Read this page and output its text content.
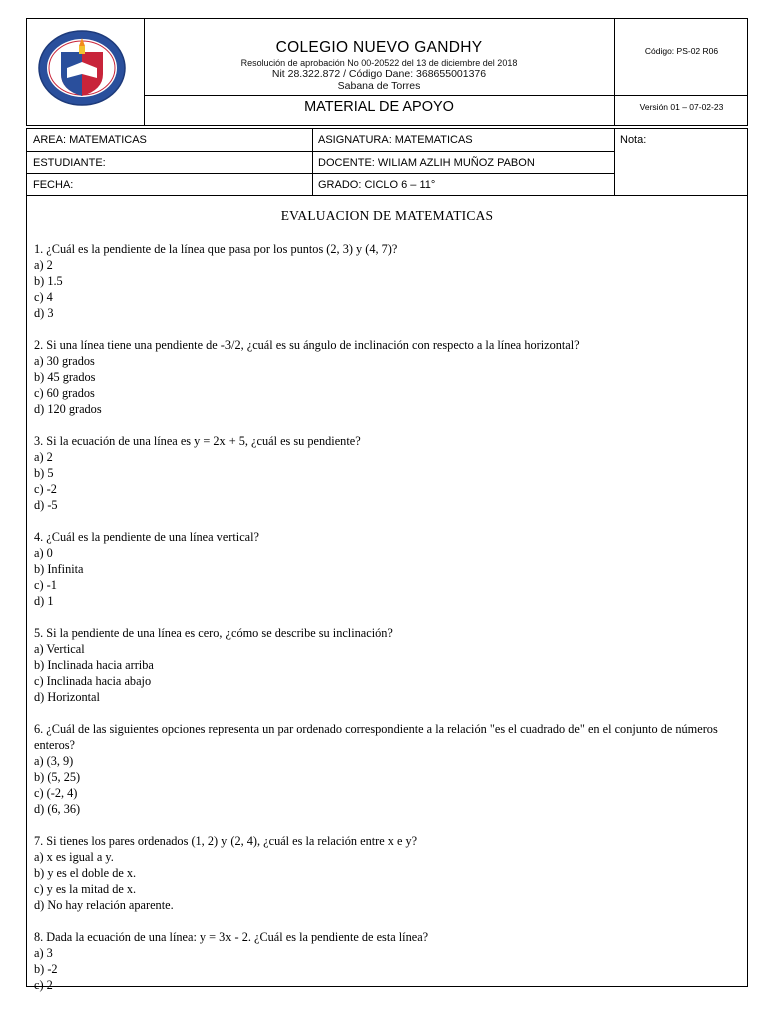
COLEGIO NUEVO GANDHY
Resolución de aprobación No 00-20522 del 13 de diciembre del 2018
Nit 28.322.872 / Código Dane: 368655001376
Sabana de Torres
MATERIAL DE APOYO
Código: PS-02 R06
Versión 01 – 07-02-23
AREA: MATEMATICAS
ESTUDIANTE:
FECHA:
ASIGNATURA: MATEMATICAS
DOCENTE: WILIAM AZLIH MUÑOZ PABON
GRADO: CICLO 6 – 11°
Nota:
EVALUACION DE MATEMATICAS
1. ¿Cuál es la pendiente de la línea que pasa por los puntos (2, 3) y (4, 7)?
a) 2
b) 1.5
c) 4
d) 3
2. Si una línea tiene una pendiente de -3/2, ¿cuál es su ángulo de inclinación con respecto a la línea horizontal?
a) 30 grados
b) 45 grados
c) 60 grados
d) 120 grados
3. Si la ecuación de una línea es y = 2x + 5, ¿cuál es su pendiente?
a) 2
b) 5
c) -2
d) -5
4. ¿Cuál es la pendiente de una línea vertical?
a) 0
b) Infinita
c) -1
d) 1
5. Si la pendiente de una línea es cero, ¿cómo se describe su inclinación?
a) Vertical
b) Inclinada hacia arriba
c) Inclinada hacia abajo
d) Horizontal
6. ¿Cuál de las siguientes opciones representa un par ordenado correspondiente a la relación "es el cuadrado de" en el conjunto de números enteros?
a) (3, 9)
b) (5, 25)
c) (-2, 4)
d) (6, 36)
7. Si tienes los pares ordenados (1, 2) y (2, 4), ¿cuál es la relación entre x e y?
a) x es igual a y.
b) y es el doble de x.
c) y es la mitad de x.
d) No hay relación aparente.
8. Dada la ecuación de una línea: y = 3x - 2. ¿Cuál es la pendiente de esta línea?
a) 3
b) -2
c) 2
